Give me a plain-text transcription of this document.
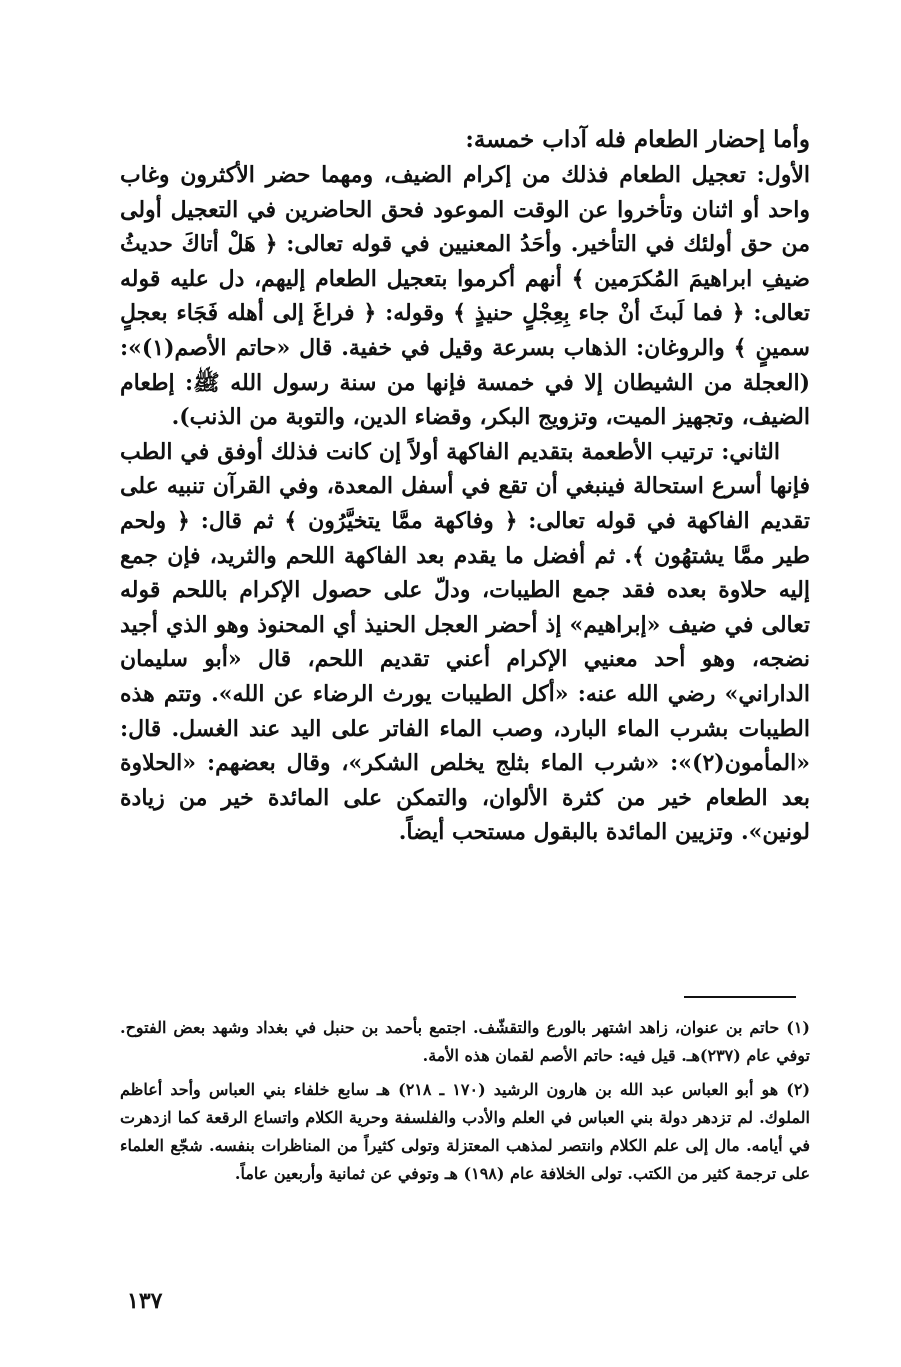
وأما إحضار الطعام فله آداب خمسة:

الأول: تعجيل الطعام فذلك من إكرام الضيف، ومهما حضر الأكثرون وغاب واحد أو اثنان وتأخروا عن الوقت الموعود فحق الحاضرين في التعجيل أولى من حق أولئك في التأخير. وأحَدُ المعنيين في قوله تعالى: ﴿ هَلْ أتاكَ حديثُ ضيفِ ابراهيمَ المُكرَمين ﴾ أنهم أكرموا بتعجيل الطعام إليهم، دل عليه قوله تعالى: ﴿ فما لَبثَ أنْ جاء بِعِجْلٍ حنيذٍ ﴾ وقوله: ﴿ فراغَ إلى أهله فَجَاء بعجلٍ سمينٍ ﴾ والروغان: الذهاب بسرعة وقيل في خفية. قال «حاتم الأصم(١)»: (العجلة من الشيطان إلا في خمسة فإنها من سنة رسول الله ﷺ: إطعام الضيف، وتجهيز الميت، وتزويج البكر، وقضاء الدين، والتوبة من الذنب).

الثاني: ترتيب الأطعمة بتقديم الفاكهة أولاً إن كانت فذلك أوفق في الطب فإنها أسرع استحالة فينبغي أن تقع في أسفل المعدة، وفي القرآن تنبيه على تقديم الفاكهة في قوله تعالى: ﴿ وفاكهة ممَّا يتخيَّرُون ﴾ ثم قال: ﴿ ولحم طير ممَّا يشتهُون ﴾. ثم أفضل ما يقدم بعد الفاكهة اللحم والثريد، فإن جمع إليه حلاوة بعده فقد جمع الطيبات، ودلّ على حصول الإكرام باللحم قوله تعالى في ضيف «إبراهيم» إذ أحضر العجل الحنيذ أي المحنوذ وهو الذي أجيد نضجه، وهو أحد معنيي الإكرام أعني تقديم اللحم، قال «أبو سليمان الداراني» رضي الله عنه: «أكل الطيبات يورث الرضاء عن الله». وتتم هذه الطيبات بشرب الماء البارد، وصب الماء الفاتر على اليد عند الغسل. قال: «المأمون(٢)»: «شرب الماء بثلج يخلص الشكر»، وقال بعضهم: «الحلاوة بعد الطعام خير من كثرة الألوان، والتمكن على المائدة خير من زيادة لونين». وتزيين المائدة بالبقول مستحب أيضاً.

(١) حاتم بن عنوان، زاهد اشتهر بالورع والتقشّف. اجتمع بأحمد بن حنبل في بغداد وشهد بعض الفتوح. توفي عام (٢٣٧)هـ. قيل فيه: حاتم الأصم لقمان هذه الأمة.

(٢) هو أبو العباس عبد الله بن هارون الرشيد (١٧٠ ـ ٢١٨) هـ سابع خلفاء بني العباس وأحد أعاظم الملوك. لم تزدهر دولة بني العباس في العلم والأدب والفلسفة وحرية الكلام واتساع الرقعة كما ازدهرت في أيامه. مال إلى علم الكلام وانتصر لمذهب المعتزلة وتولى كثيراً من المناظرات بنفسه. شجّع العلماء على ترجمة كثير من الكتب. تولى الخلافة عام (١٩٨) هـ وتوفي عن ثمانية وأربعين عاماً.

١٣٧
